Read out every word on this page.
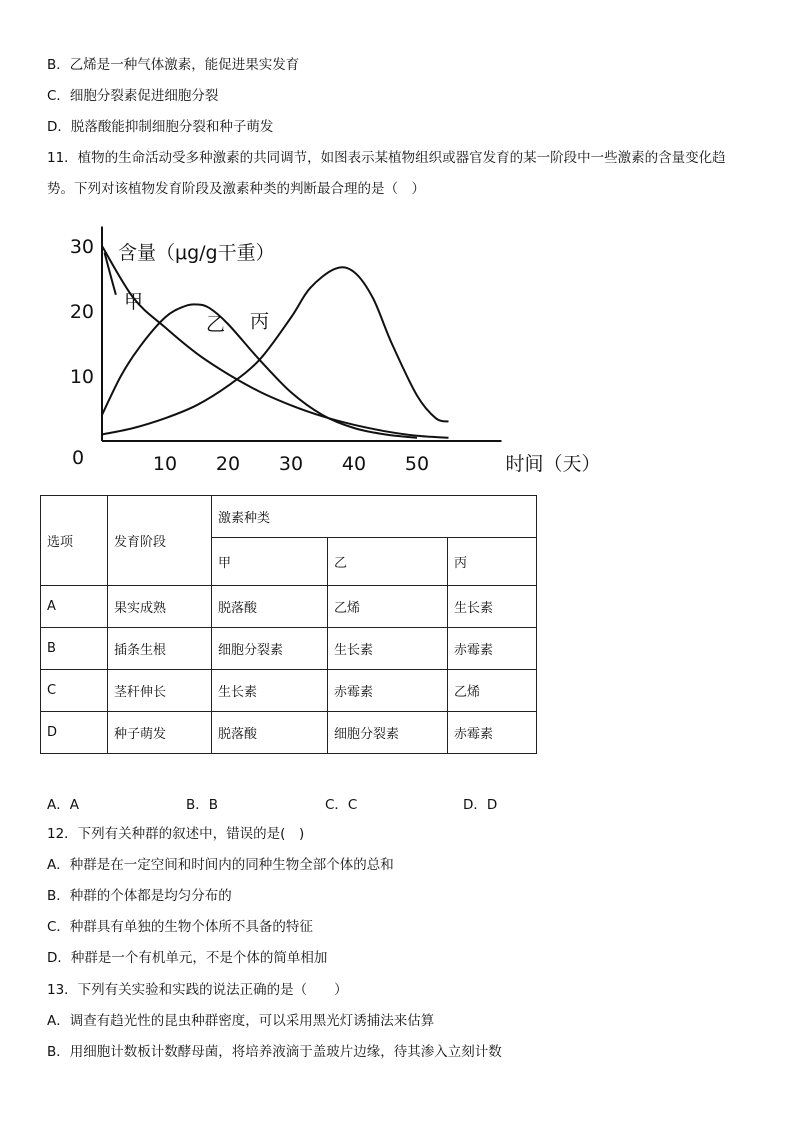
B．乙烯是一种气体激素，能促进果实发育
C．细胞分裂素促进细胞分裂
D．脱落酸能抑制细胞分裂和种子萌发
11．植物的生命活动受多种激素的共同调节，如图表示某植物组织或器官发育的某一阶段中一些激素的含量变化趋
势。下列对该植物发育阶段及激素种类的判断最合理的是（　）
含量（μg/g干重）
时间（天）
0	10 20 30 40 50
10
20
30
甲
乙 丙
选项	发育阶段	激素种类		
		甲	乙	丙
A	果实成熟	脱落酸	乙烯	生长素
B	插条生根	细胞分裂素	生长素	赤霉素
C	茎秆伸长	生长素	赤霉素	乙烯
D	种子萌发	脱落酸	细胞分裂素	赤霉素
A．A	B．B	C．C	D．D
12．下列有关种群的叙述中，错误的是(　)
A．种群是在一定空间和时间内的同种生物全部个体的总和
B．种群的个体都是均匀分布的
C．种群具有单独的生物个体所不具备的特征
D．种群是一个有机单元，不是个体的简单相加
13．下列有关实验和实践的说法正确的是（　　）
A．调查有趋光性的昆虫种群密度，可以采用黑光灯诱捕法来估算
B．用细胞计数板计数酵母菌，将培养液滴于盖玻片边缘，待其渗入立刻计数
